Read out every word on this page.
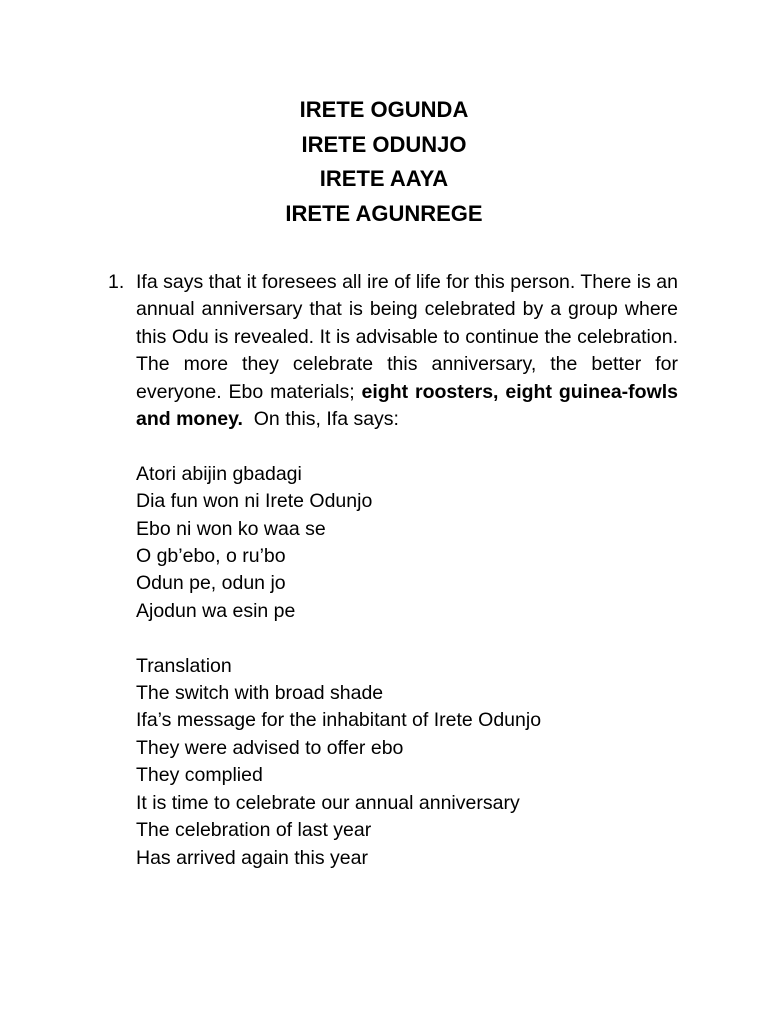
IRETE OGUNDA

IRETE ODUNJO

IRETE AAYA

IRETE AGUNREGE

1. Ifa says that it foresees all ire of life for this person. There is an annual anniversary that is being celebrated by a group where this Odu is revealed. It is advisable to continue the celebration. The more they celebrate this anniversary, the better for everyone. Ebo materials; eight roosters, eight guinea-fowls and money.  On this, Ifa says:

Atori abijin gbadagi

Dia fun won ni Irete Odunjo

Ebo ni won ko waa se

O gb’ebo, o ru’bo

Odun pe, odun jo

Ajodun wa esin pe

Translation

The switch with broad shade

Ifa’s message for the inhabitant of Irete Odunjo

They were advised to offer ebo

They complied

It is time to celebrate our annual anniversary

The celebration of last year

Has arrived again this year
